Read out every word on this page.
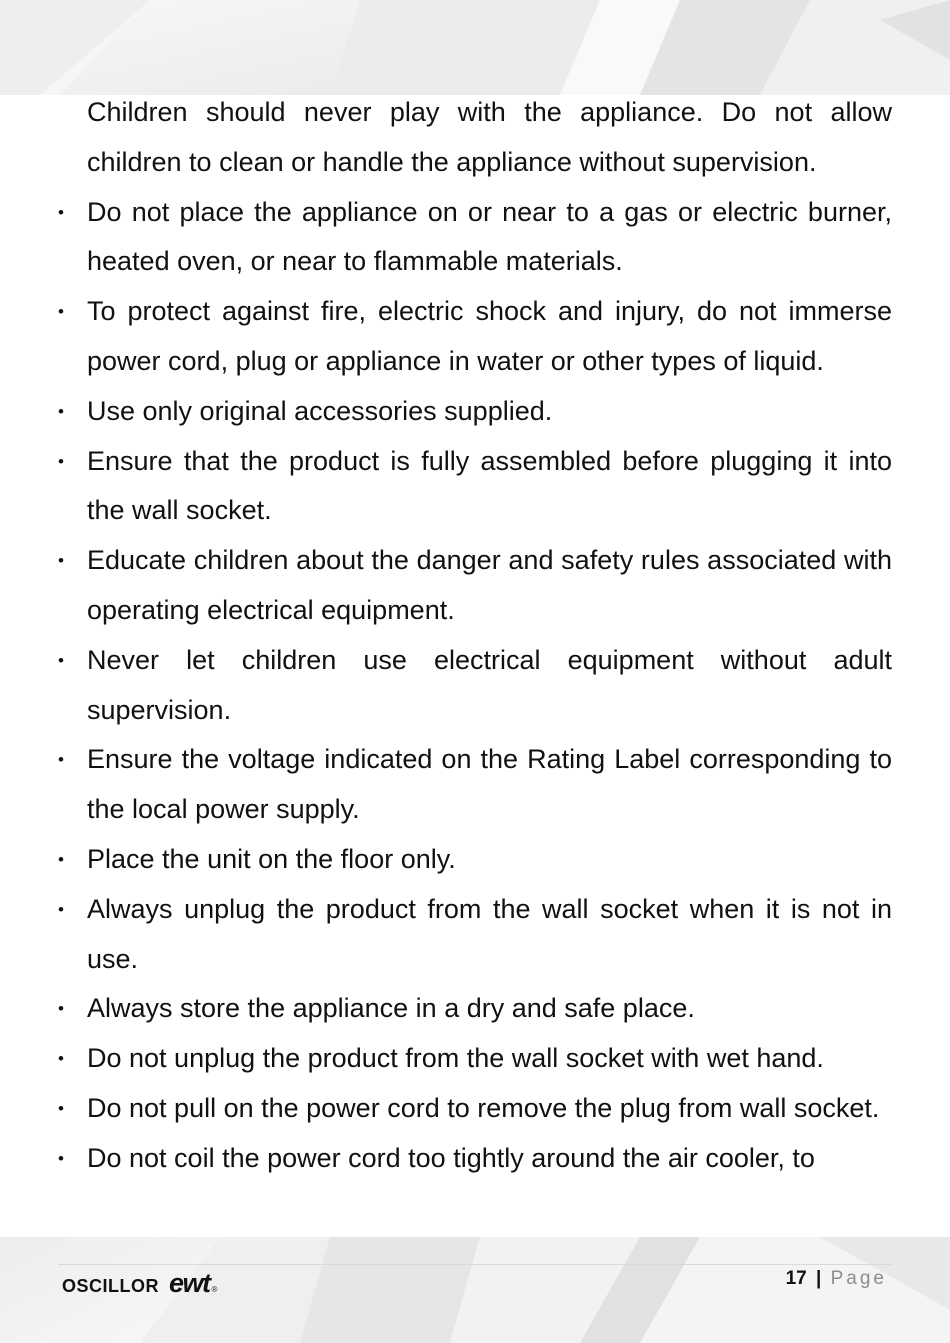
Children should never play with the appliance. Do not allow children to clean or handle the appliance without supervision.
• Do not place the appliance on or near to a gas or electric burner, heated oven, or near to flammable materials.
• To protect against fire, electric shock and injury, do not immerse power cord, plug or appliance in water or other types of liquid.
• Use only original accessories supplied.
• Ensure that the product is fully assembled before plugging it into the wall socket.
• Educate children about the danger and safety rules associated with operating electrical equipment.
• Never let children use electrical equipment without adult supervision.
• Ensure the voltage indicated on the Rating Label corresponding to the local power supply.
• Place the unit on the floor only.
• Always unplug the product from the wall socket when it is not in use.
• Always store the appliance in a dry and safe place.
• Do not unplug the product from the wall socket with wet hand.
• Do not pull on the power cord to remove the plug from wall socket.
• Do not coil the power cord too tightly around the air cooler, to
OSCILLOR ewt ®
17 | Page
